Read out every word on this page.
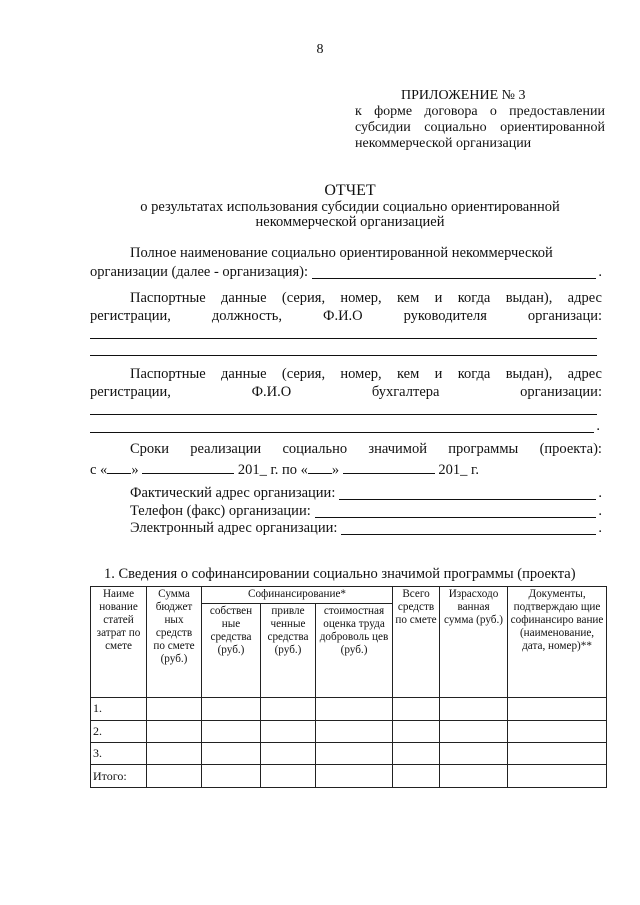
8
ПРИЛОЖЕНИЕ № 3
к форме договора о предоставлении
субсидии социально ориентированной
некоммерческой организации
ОТЧЕТ
о результатах использования субсидии социально ориентированной
некоммерческой организацией
Полное наименование социально ориентированной некоммерческой
организации (далее - организация):	.
Паспортные данные (серия, номер, кем и когда выдан), адрес
регистрации,	должность,	Ф.И.О	руководителя	организаци:
Паспортные данные (серия, номер, кем и когда выдан), адрес
регистрации,	Ф.И.О	бухгалтера	организации:
.
Сроки реализации социально значимой программы (проекта):
с « »	201_ г. по « »	201_ г.
Фактический адрес организации:	.
Телефон (факс) организации:	.
Электронный адрес организации:	.
1. Сведения о софинансировании социально значимой программы (проекта)
Наиме нование статей затрат по смете	Сумма бюджет ных средств по смете (руб.)	Софинансирование*			Всего средств по смете	Израсходо ванная сумма (руб.)	Документы, подтверждаю щие софинансиро вание (наименование, дата, номер)**
		собствен ные средства (руб.)	привле ченные средства (руб.)	стоимостная оценка труда доброволь цев (руб.)			
1.							
2.							
3.							
Итого:							
